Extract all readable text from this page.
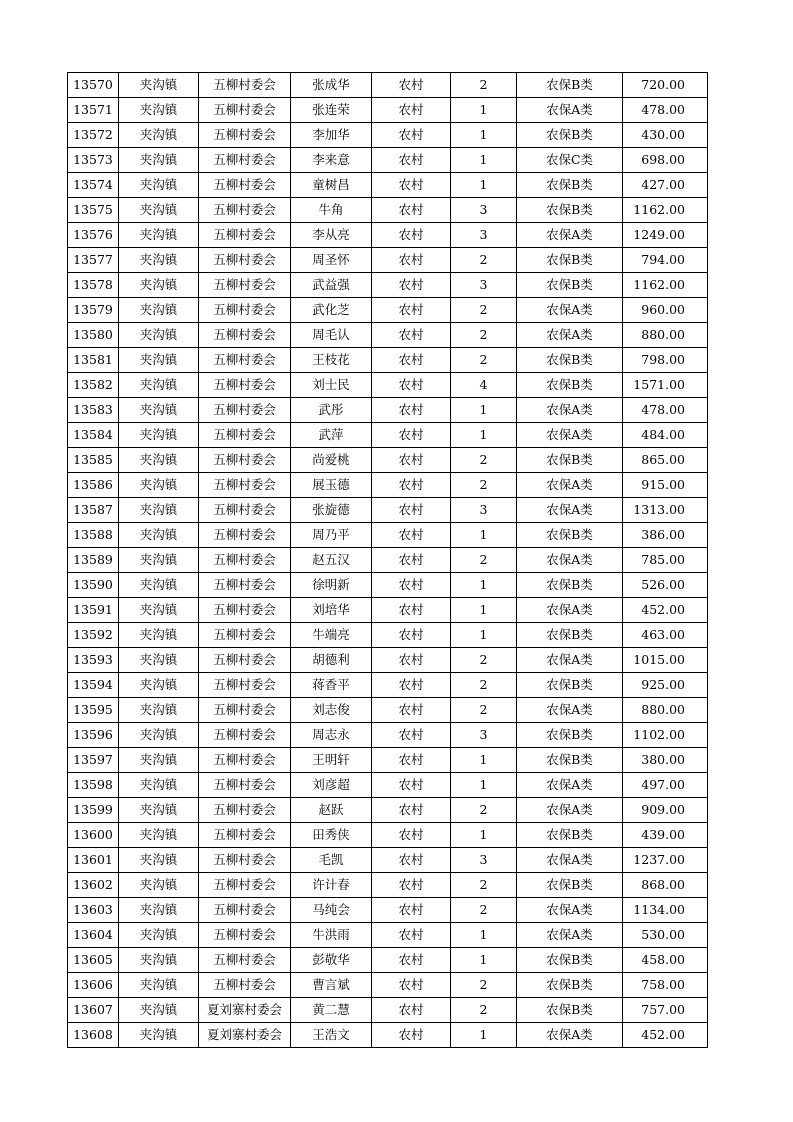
13570	夹沟镇	五柳村委会	张成华	农村	2	农保B类	720.00
13571	夹沟镇	五柳村委会	张连荣	农村	1	农保A类	478.00
13572	夹沟镇	五柳村委会	李加华	农村	1	农保B类	430.00
13573	夹沟镇	五柳村委会	李来意	农村	1	农保C类	698.00
13574	夹沟镇	五柳村委会	童树昌	农村	1	农保B类	427.00
13575	夹沟镇	五柳村委会	牛角	农村	3	农保B类	1162.00
13576	夹沟镇	五柳村委会	李从亮	农村	3	农保A类	1249.00
13577	夹沟镇	五柳村委会	周圣怀	农村	2	农保B类	794.00
13578	夹沟镇	五柳村委会	武益强	农村	3	农保B类	1162.00
13579	夹沟镇	五柳村委会	武化芝	农村	2	农保A类	960.00
13580	夹沟镇	五柳村委会	周毛认	农村	2	农保A类	880.00
13581	夹沟镇	五柳村委会	王枝花	农村	2	农保B类	798.00
13582	夹沟镇	五柳村委会	刘士民	农村	4	农保B类	1571.00
13583	夹沟镇	五柳村委会	武彤	农村	1	农保A类	478.00
13584	夹沟镇	五柳村委会	武萍	农村	1	农保A类	484.00
13585	夹沟镇	五柳村委会	尚爱桃	农村	2	农保B类	865.00
13586	夹沟镇	五柳村委会	展玉德	农村	2	农保A类	915.00
13587	夹沟镇	五柳村委会	张旋德	农村	3	农保A类	1313.00
13588	夹沟镇	五柳村委会	周乃平	农村	1	农保B类	386.00
13589	夹沟镇	五柳村委会	赵五汉	农村	2	农保A类	785.00
13590	夹沟镇	五柳村委会	徐明新	农村	1	农保B类	526.00
13591	夹沟镇	五柳村委会	刘培华	农村	1	农保A类	452.00
13592	夹沟镇	五柳村委会	牛端亮	农村	1	农保B类	463.00
13593	夹沟镇	五柳村委会	胡德利	农村	2	农保A类	1015.00
13594	夹沟镇	五柳村委会	蒋香平	农村	2	农保B类	925.00
13595	夹沟镇	五柳村委会	刘志俊	农村	2	农保A类	880.00
13596	夹沟镇	五柳村委会	周志永	农村	3	农保B类	1102.00
13597	夹沟镇	五柳村委会	王明轩	农村	1	农保B类	380.00
13598	夹沟镇	五柳村委会	刘彦超	农村	1	农保A类	497.00
13599	夹沟镇	五柳村委会	赵跃	农村	2	农保A类	909.00
13600	夹沟镇	五柳村委会	田秀侠	农村	1	农保B类	439.00
13601	夹沟镇	五柳村委会	毛凯	农村	3	农保A类	1237.00
13602	夹沟镇	五柳村委会	许计春	农村	2	农保B类	868.00
13603	夹沟镇	五柳村委会	马纯会	农村	2	农保A类	1134.00
13604	夹沟镇	五柳村委会	牛洪雨	农村	1	农保A类	530.00
13605	夹沟镇	五柳村委会	彭敬华	农村	1	农保B类	458.00
13606	夹沟镇	五柳村委会	曹言斌	农村	2	农保B类	758.00
13607	夹沟镇	夏刘寨村委会	黄二慧	农村	2	农保B类	757.00
13608	夹沟镇	夏刘寨村委会	王浩文	农村	1	农保A类	452.00
